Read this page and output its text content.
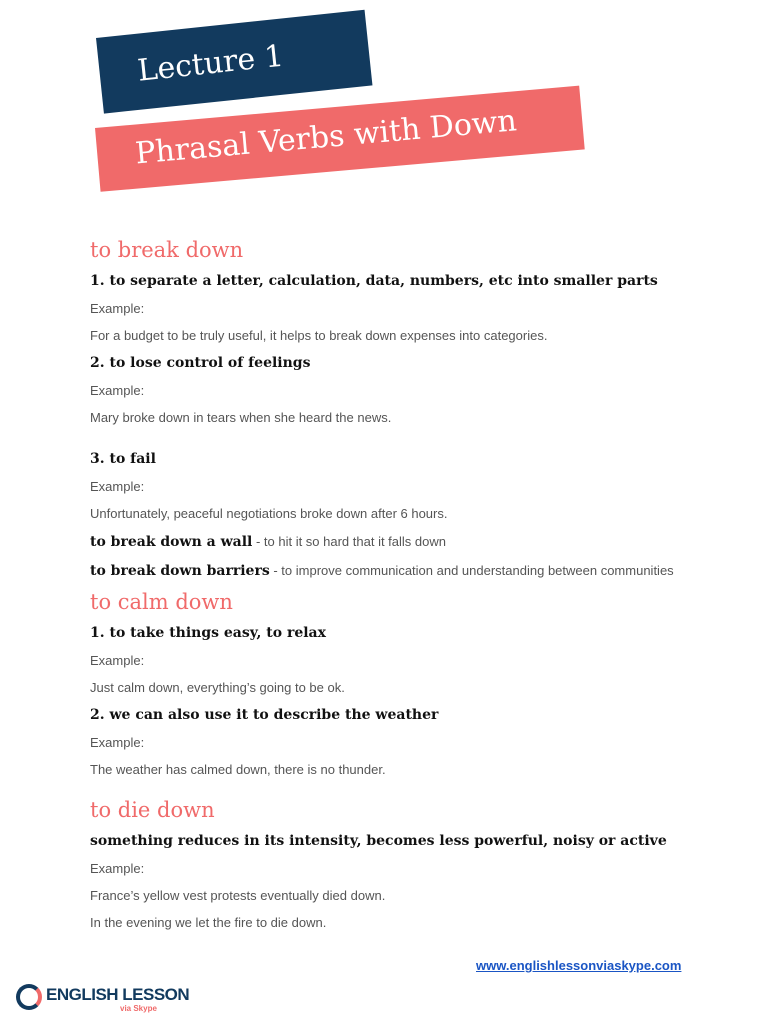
Lecture 1
Phrasal Verbs with Down
to break down
1. to separate a letter, calculation, data, numbers, etc into smaller parts
Example:
For a budget to be truly useful, it helps to break down expenses into categories.
2. to lose control of feelings
Example:
Mary broke down in tears when she heard the news.
3. to fail
Example:
Unfortunately, peaceful negotiations broke down after 6 hours.
to break down a wall - to hit it so hard that it falls down
to break down barriers - to improve communication and understanding between communities
to calm down
1. to take things easy, to relax
Example:
Just calm down, everything’s going to be ok.
2. we can also use it to describe the weather
Example:
The weather has calmed down, there is no thunder.
to die down
something reduces in its intensity, becomes less powerful, noisy or active
Example:
France’s yellow vest protests eventually died down.
In the evening we let the fire to die down.
www.englishlessonviaskype.com
ENGLISH LESSON
via Skype
